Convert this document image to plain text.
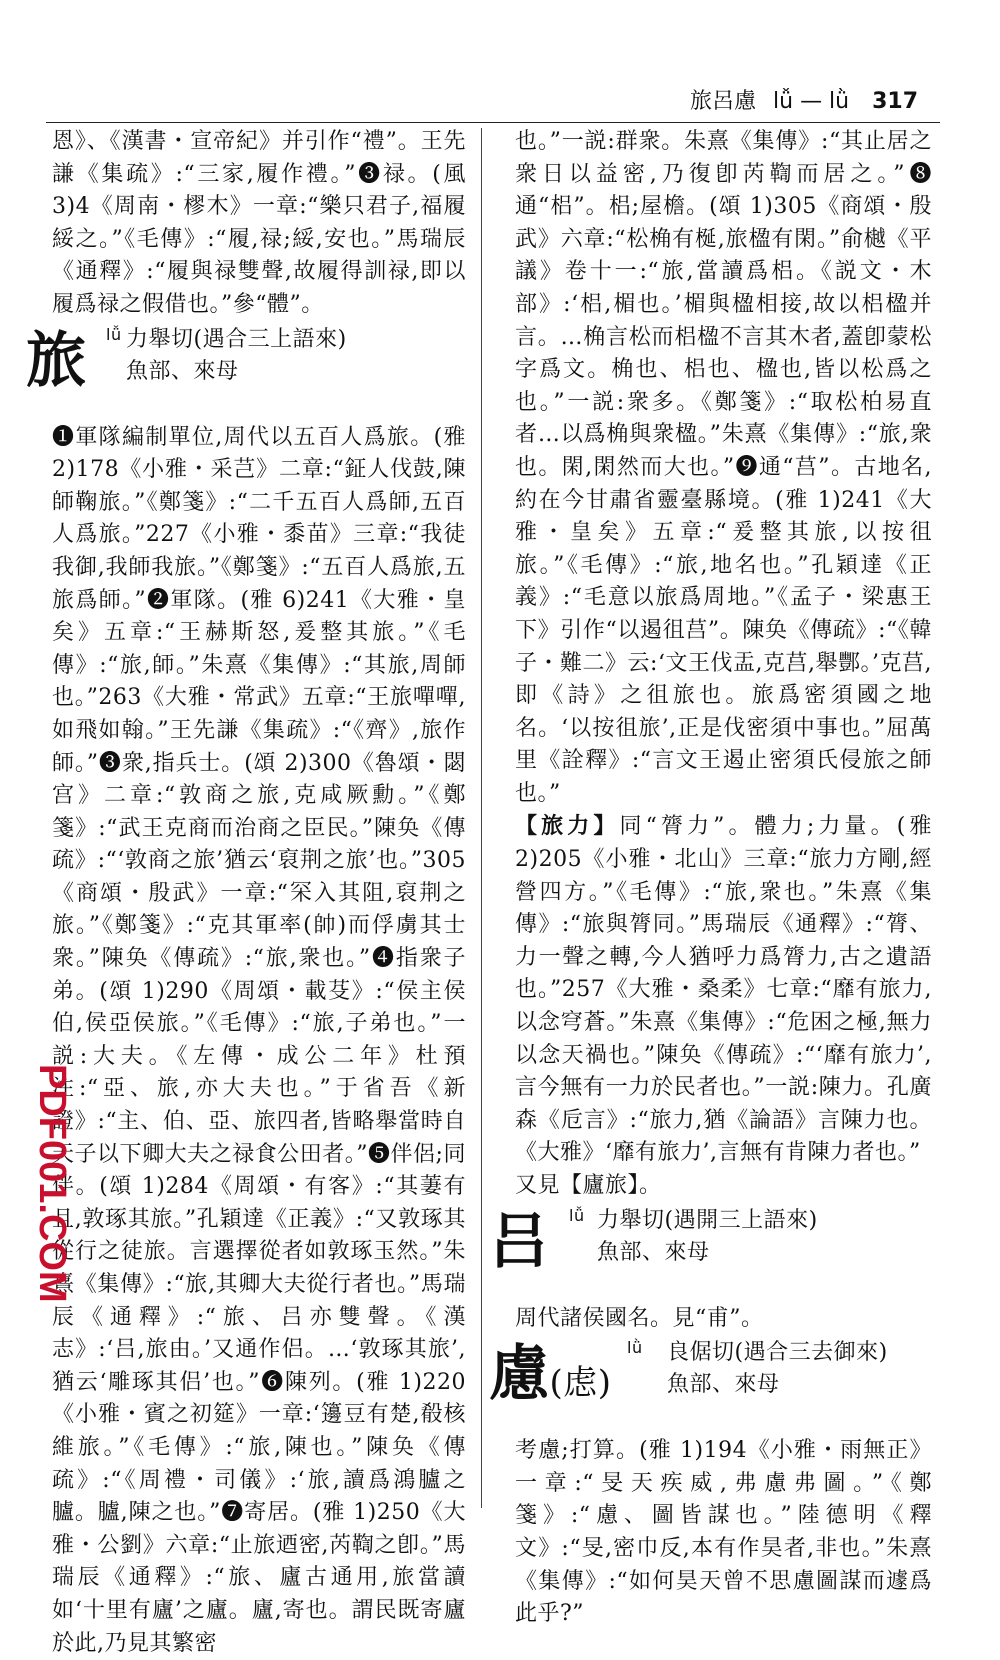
旅呂慮 lǚ — lǜ 317

恩》、《漢書・宣帝紀》并引作“禮”。王先謙《集疏》:“三家,履作禮。”❸禄。(風 3)4《周南・樛木》一章:“樂只君子,福履綏之。”《毛傳》:“履,禄;綏,安也。”馬瑞辰《通釋》:“履與禄雙聲,故履得訓禄,即以履爲禄之假借也。”參“體”。

旅 lǚ 力舉切(遇合三上語來)
魚部、來母

❶軍隊編制單位,周代以五百人爲旅。(雅 2)178《小雅・采芑》二章:“鉦人伐鼓,陳師鞠旅。”《鄭箋》:“二千五百人爲師,五百人爲旅。”227《小雅・黍苗》三章:“我徒我御,我師我旅。”《鄭箋》:“五百人爲旅,五旅爲師。”❷軍隊。(雅 6)241《大雅・皇矣》五章:“王赫斯怒,爰整其旅。”《毛傳》:“旅,師。”朱熹《集傳》:“其旅,周師也。”263《大雅・常武》五章:“王旅嘽嘽,如飛如翰。”王先謙《集疏》:“《齊》,旅作師。”❸衆,指兵士。(頌 2)300《魯頌・閟宫》二章:“敦商之旅,克咸厥勳。”《鄭箋》:“武王克商而治商之臣民。”陳奂《傳疏》:“‘敦商之旅’猶云‘裒荆之旅’也。”305《商頌・殷武》一章:“罙入其阻,裒荆之旅。”《鄭箋》:“克其軍率(帥)而俘虜其士衆。”陳奂《傳疏》:“旅,衆也。”❹指衆子弟。(頌 1)290《周頌・載芟》:“侯主侯伯,侯亞侯旅。”《毛傳》:“旅,子弟也。”一説:大夫。《左傳・成公二年》杜預注:“亞、旅,亦大夫也。”于省吾《新證》:“主、伯、亞、旅四者,皆略舉當時自天子以下卿大夫之禄食公田者。”❺伴侶;同伴。(頌 1)284《周頌・有客》:“其萋有且,敦琢其旅。”孔穎達《正義》:“又敦琢其從行之徒旅。言選擇從者如敦琢玉然。”朱熹《集傳》:“旅,其卿大夫從行者也。”馬瑞辰《通釋》:“旅、吕亦雙聲。《漢志》:‘吕,旅由。’又通作侣。…‘敦琢其旅’,猶云‘雕琢其侣’也。”❻陳列。(雅 1)220《小雅・賓之初筵》一章:‘籩豆有楚,殽核維旅。”《毛傳》:“旅,陳也。”陳奂《傳疏》:“《周禮・司儀》:‘旅,讀爲鴻臚之臚。臚,陳之也。”❼寄居。(雅 1)250《大雅・公劉》六章:“止旅迺密,芮鞫之卽。”馬瑞辰《通釋》:“旅、廬古通用,旅當讀如‘十里有廬’之廬。廬,寄也。謂民既寄廬於此,乃見其繁密

也。”一説:群衆。朱熹《集傳》:“其止居之衆日以益密,乃復卽芮鞫而居之。”❽通“梠”。梠;屋檐。(頌 1)305《商頌・殷武》六章:“松桷有梴,旅楹有閑。”俞樾《平議》卷十一:“旅,當讀爲梠。《説文・木部》:‘梠,楣也。’楣與楹相接,故以梠楹并言。…桷言松而梠楹不言其木者,蓋卽蒙松字爲文。桷也、梠也、楹也,皆以松爲之也。”一説:衆多。《鄭箋》:“取松柏易直者…以爲桷與衆楹。”朱熹《集傳》:“旅,衆也。閑,閑然而大也。”❾通“莒”。古地名,約在今甘肅省靈臺縣境。(雅 1)241《大雅・皇矣》五章:“爰整其旅,以按徂旅。”《毛傳》:“旅,地名也。”孔穎達《正義》:“毛意以旅爲周地。”《孟子・梁惠王下》引作“以遏徂莒”。陳奂《傳疏》:“《韓子・難二》云:‘文王伐盂,克莒,舉酆。’克莒,即《詩》之徂旅也。旅爲密須國之地名。‘以按徂旅’,正是伐密須中事也。”屈萬里《詮釋》:“言文王遏止密須氏侵旅之師也。”

【旅力】同“膂力”。體力;力量。(雅 2)205《小雅・北山》三章:“旅力方剛,經營四方。”《毛傳》:“旅,衆也。”朱熹《集傳》:“旅與膂同。”馬瑞辰《通釋》:“膂、力一聲之轉,今人猶呼力爲膂力,古之遺語也。”257《大雅・桑柔》七章:“靡有旅力,以念穹蒼。”朱熹《集傳》:“危困之極,無力以念天禍也。”陳奂《傳疏》:“‘靡有旅力’,言今無有一力於民者也。”一説:陳力。孔廣森《卮言》:“旅力,猶《論語》言陳力也。《大雅》‘靡有旅力’,言無有肯陳力者也。”

又見【廬旅】。

吕 lǚ 力舉切(遇開三上語來)
魚部、來母

周代諸侯國名。見“甫”。

慮(虑)
lǜ 良倨切(遇合三去御來)
魚部、來母

考慮;打算。(雅 1)194《小雅・雨無正》一章:“旻天疾威,弗慮弗圖。”《鄭箋》:“慮、圖皆謀也。”陸德明《釋文》:“旻,密巾反,本有作昊者,非也。”朱熹《集傳》:“如何昊天曾不思慮圖謀而遽爲此乎?”

PDF001.COM
